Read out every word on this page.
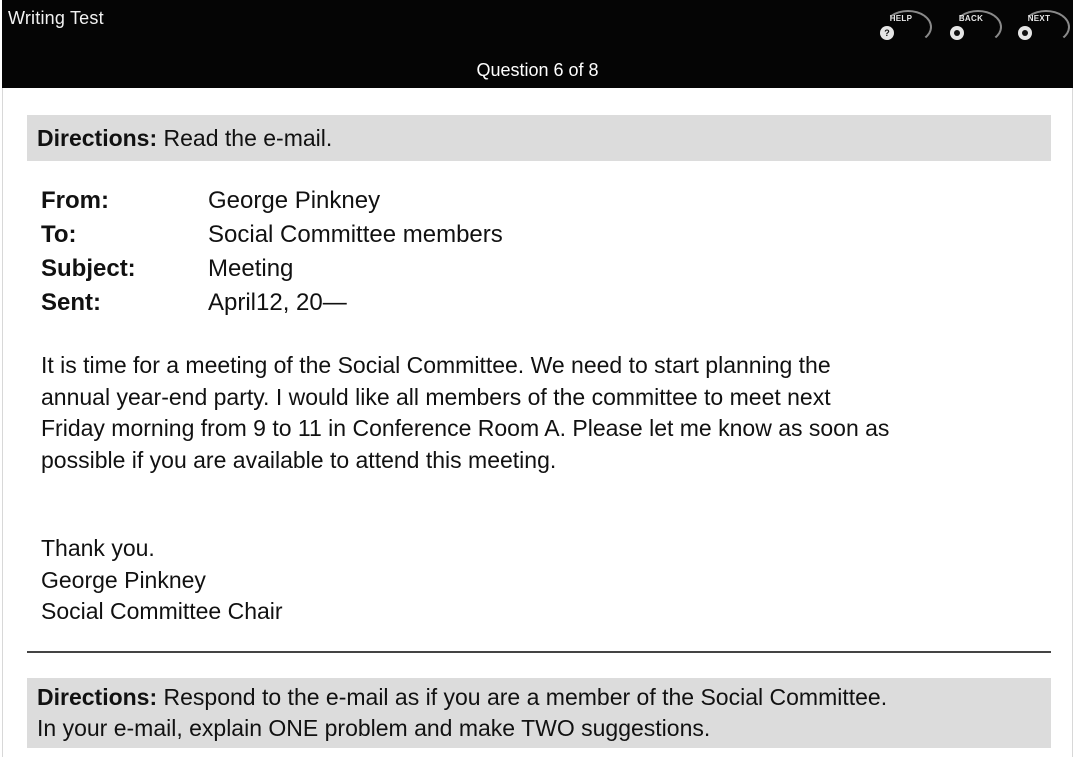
Writing Test	HELP
?
BACK	NEXT
Question 6 of 8
Directions: Read the e-mail.
From:	George Pinkney
To:	Social Committee members
Subject:	Meeting
Sent:	April12, 20—
It is time for a meeting of the Social Committee. We need to start planning the
annual year-end party. I would like all members of the committee to meet next
Friday morning from 9 to 11 in Conference Room A. Please let me know as soon as
possible if you are available to attend this meeting.
Thank you.
George Pinkney
Social Committee Chair
Directions: Respond to the e-mail as if you are a member of the Social Committee.
In your e-mail, explain ONE problem and make TWO suggestions.
